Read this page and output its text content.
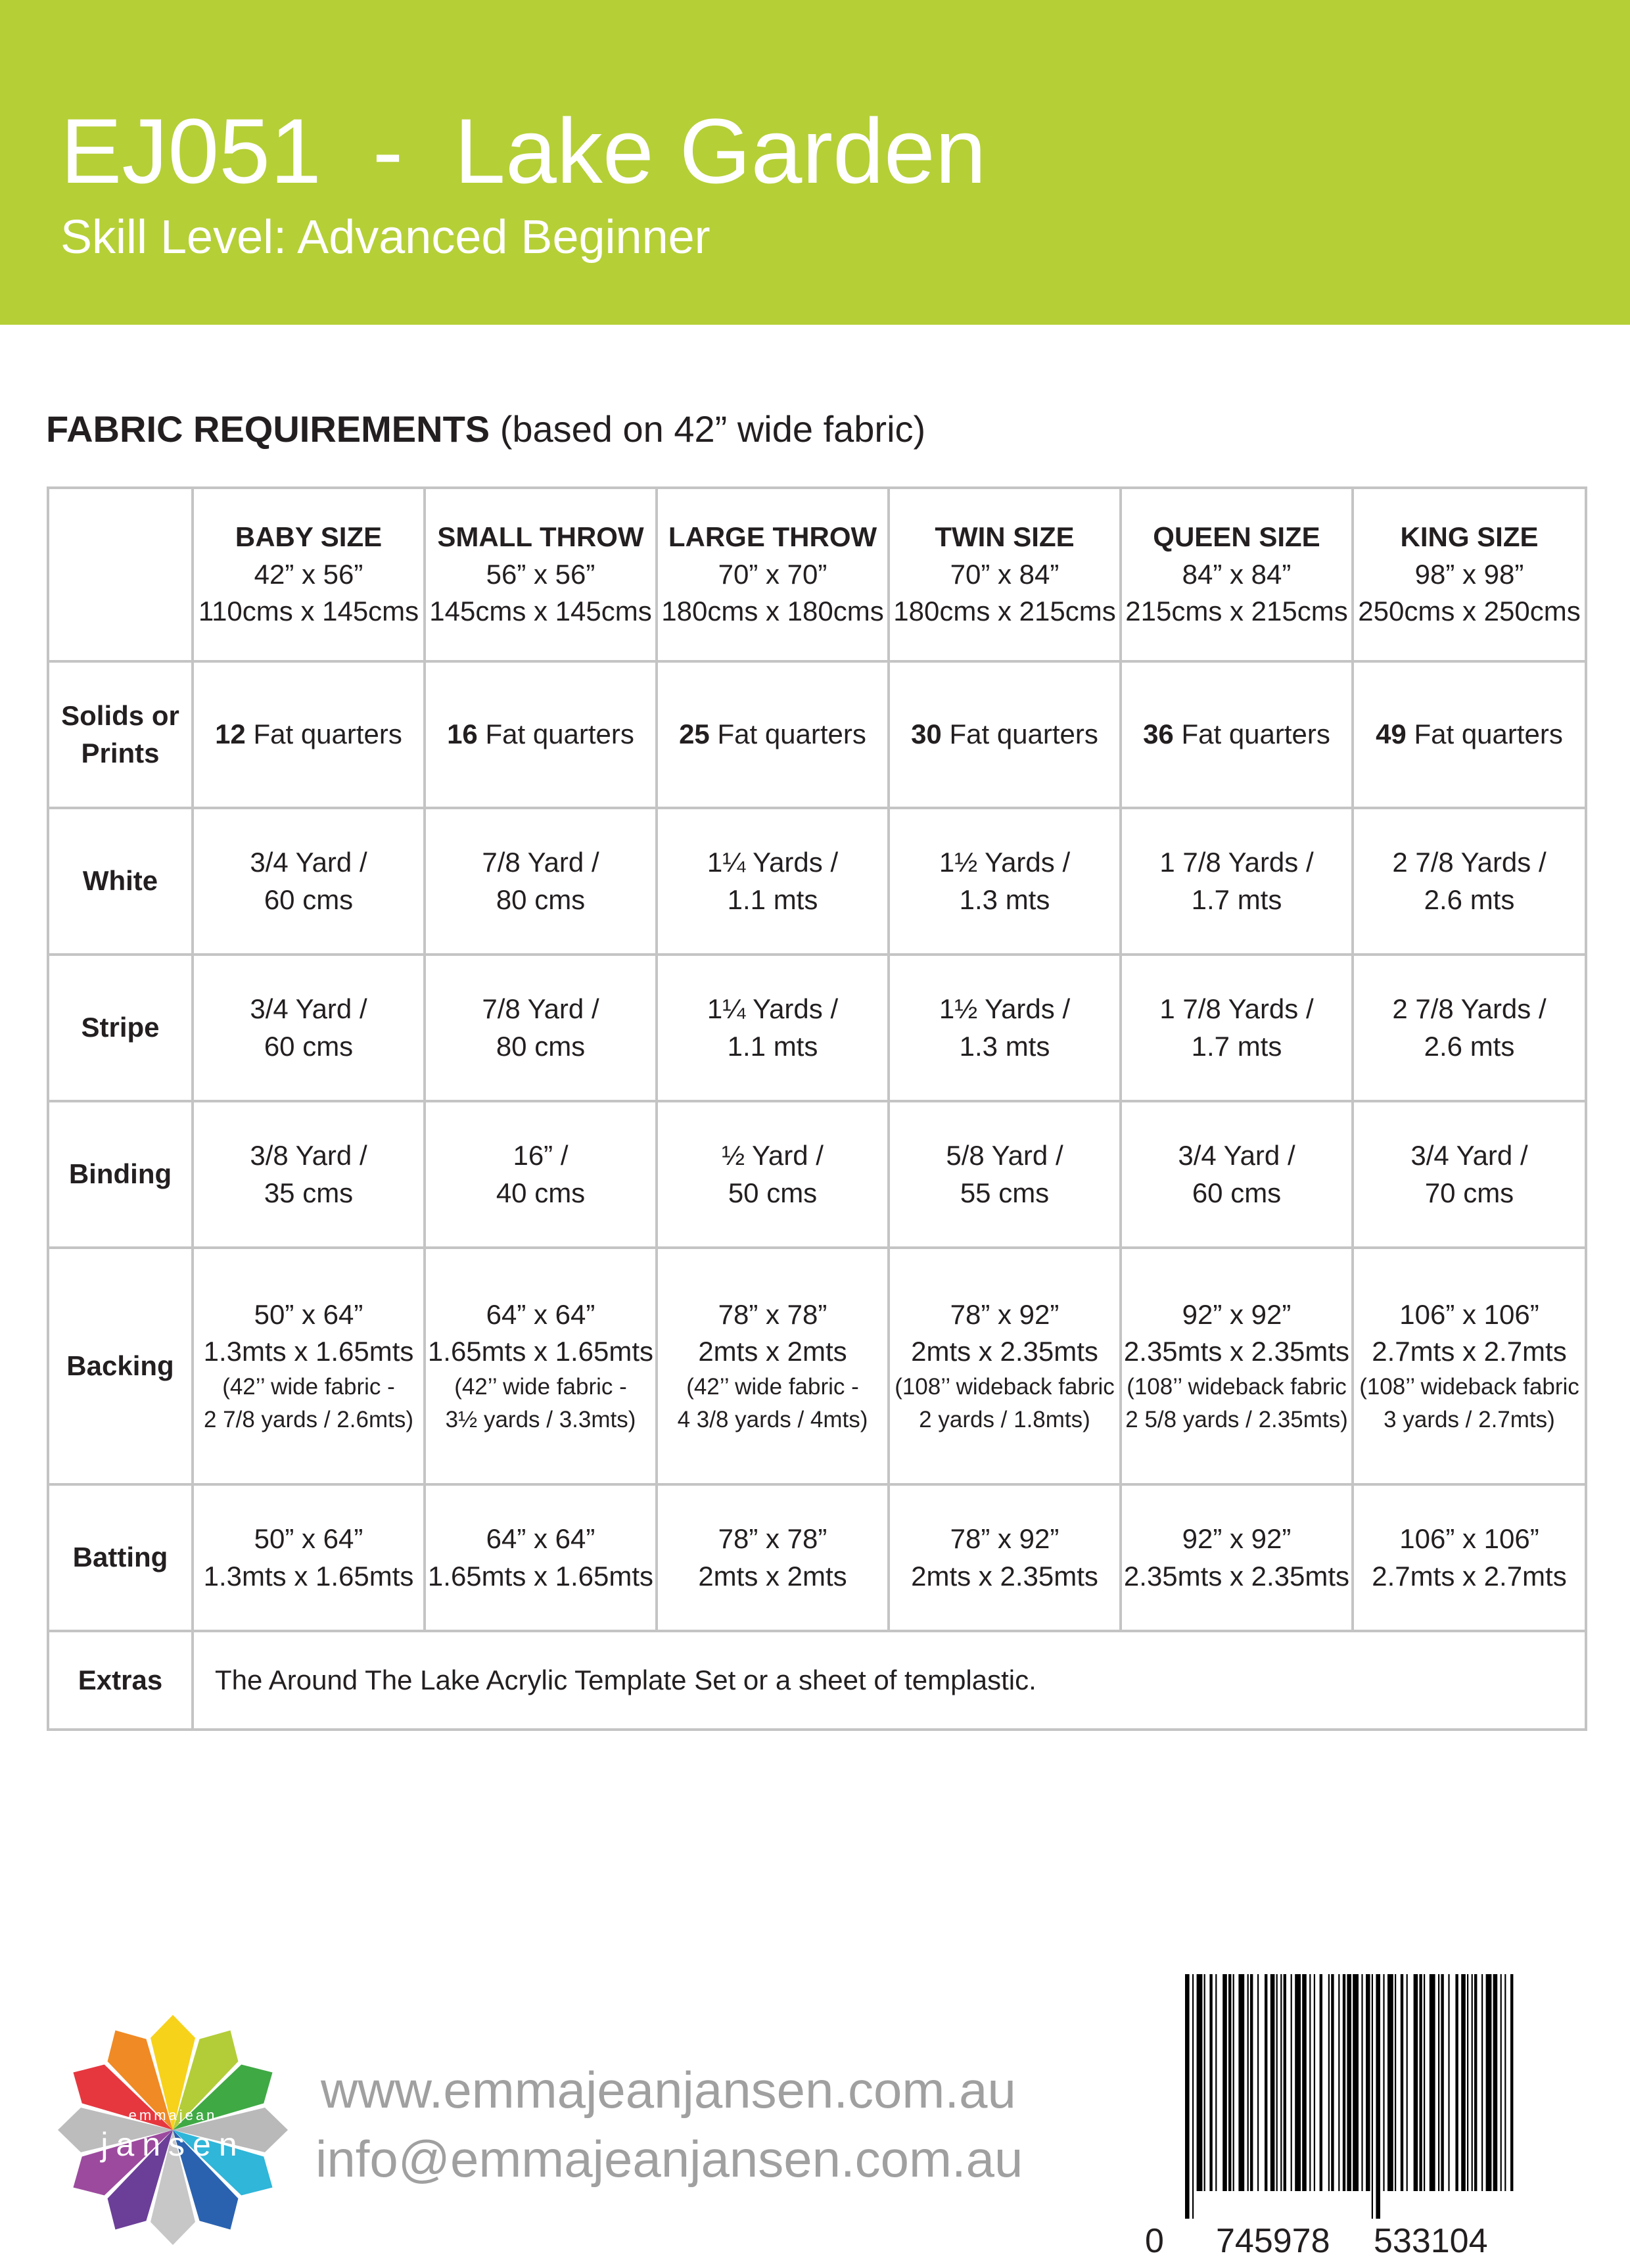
EJ051  -  Lake Garden
Skill Level: Advanced Beginner
FABRIC REQUIREMENTS (based on 42” wide fabric)

	BABY SIZE
42” x 56”
110cms x 145cms	SMALL THROW
56” x 56”
145cms x 145cms	LARGE THROW
70” x 70”
180cms x 180cms	TWIN SIZE
70” x 84”
180cms x 215cms	QUEEN SIZE
84” x 84”
215cms x 215cms	KING SIZE
98” x 98”
250cms x 250cms

Solids or
Prints	12 Fat quarters	16 Fat quarters	25 Fat quarters	30 Fat quarters	36 Fat quarters	49 Fat quarters
White	3/4 Yard /
60 cms	7/8 Yard /
80 cms	1¼ Yards /
1.1 mts	1½ Yards /
1.3 mts	1 7/8 Yards /
1.7 mts	2 7/8 Yards /
2.6 mts

Stripe	3/4 Yard /
60 cms	7/8 Yard /
80 cms	1¼ Yards /
1.1 mts	1½ Yards /
1.3 mts	1 7/8 Yards /
1.7 mts	2 7/8 Yards /
2.6 mts

Binding	3/8 Yard /
35 cms	16” /
40 cms	½ Yard /
50 cms	5/8 Yard /
55 cms	3/4 Yard /
60 cms	3/4 Yard /
70 cms

Backing	50” x 64”
1.3mts x 1.65mts
(42’’ wide fabric -
2 7/8 yards / 2.6mts)	64” x 64”
1.65mts x 1.65mts
(42’’ wide fabric -
3½ yards / 3.3mts)	78” x 78”
2mts x 2mts
(42’’ wide fabric -
4 3/8 yards / 4mts)	78” x 92”
2mts x 2.35mts
(108’’ wideback fabric
2 yards / 1.8mts)	92” x 92”
2.35mts x 2.35mts
(108’’ wideback fabric
2 5/8 yards / 2.35mts)	106” x 106”
2.7mts x 2.7mts
(108’’ wideback fabric
3 yards / 2.7mts)

Batting	50” x 64”
1.3mts x 1.65mts	64” x 64”
1.65mts x 1.65mts	78” x 78”
2mts x 2mts	78” x 92”
2mts x 2.35mts	92” x 92”
2.35mts x 2.35mts	106” x 106”
2.7mts x 2.7mts

Extras	The Around The Lake Acrylic Template Set or a sheet of templastic.					
emmajean
jansen
www.emmajeanjansen.com.au
info@emmajeanjansen.com.au
0 745978 533104
